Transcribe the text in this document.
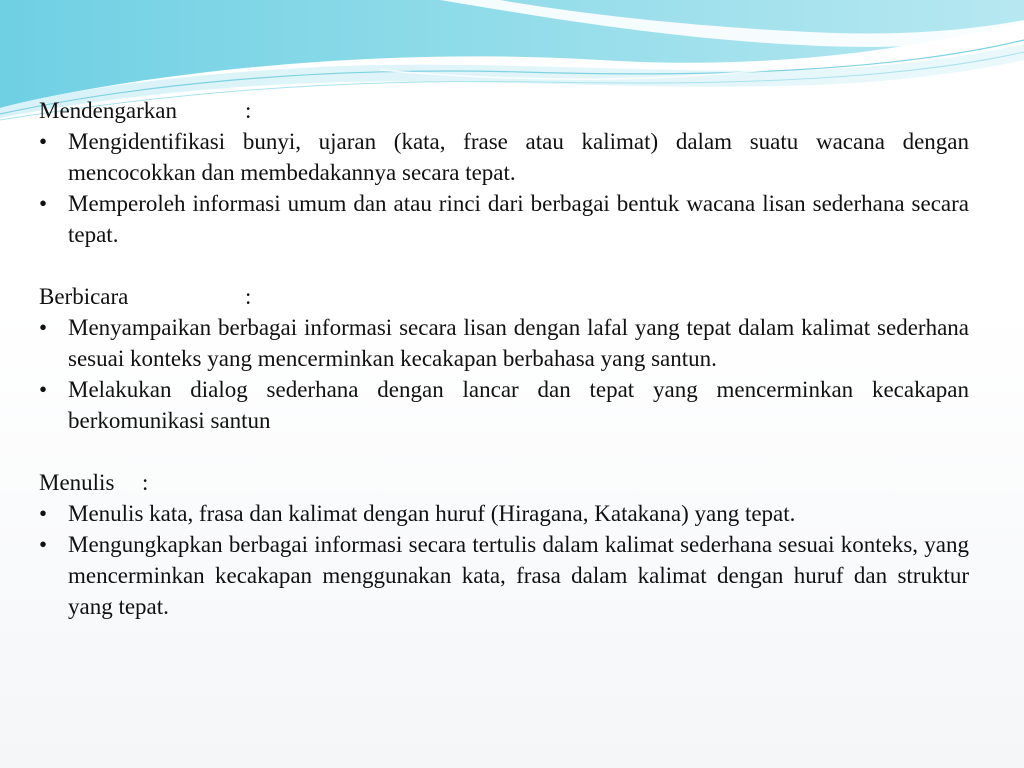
Mendengarkan	:
• Mengidentifikasi bunyi, ujaran (kata, frase atau kalimat) dalam suatu wacana dengan mencocokkan dan membedakannya secara tepat.
• Memperoleh informasi umum dan atau rinci dari berbagai bentuk wacana lisan sederhana secara tepat.
Berbicara	:
• Menyampaikan berbagai informasi secara lisan dengan lafal yang tepat dalam kalimat sederhana sesuai konteks yang mencerminkan kecakapan berbahasa yang santun.
• Melakukan dialog sederhana dengan lancar dan tepat yang mencerminkan kecakapan berkomunikasi santun
Menulis	:
• Menulis kata, frasa dan kalimat dengan huruf (Hiragana, Katakana) yang tepat.
• Mengungkapkan berbagai informasi secara tertulis dalam kalimat sederhana sesuai konteks, yang mencerminkan kecakapan menggunakan kata, frasa dalam kalimat dengan huruf dan struktur yang tepat.
